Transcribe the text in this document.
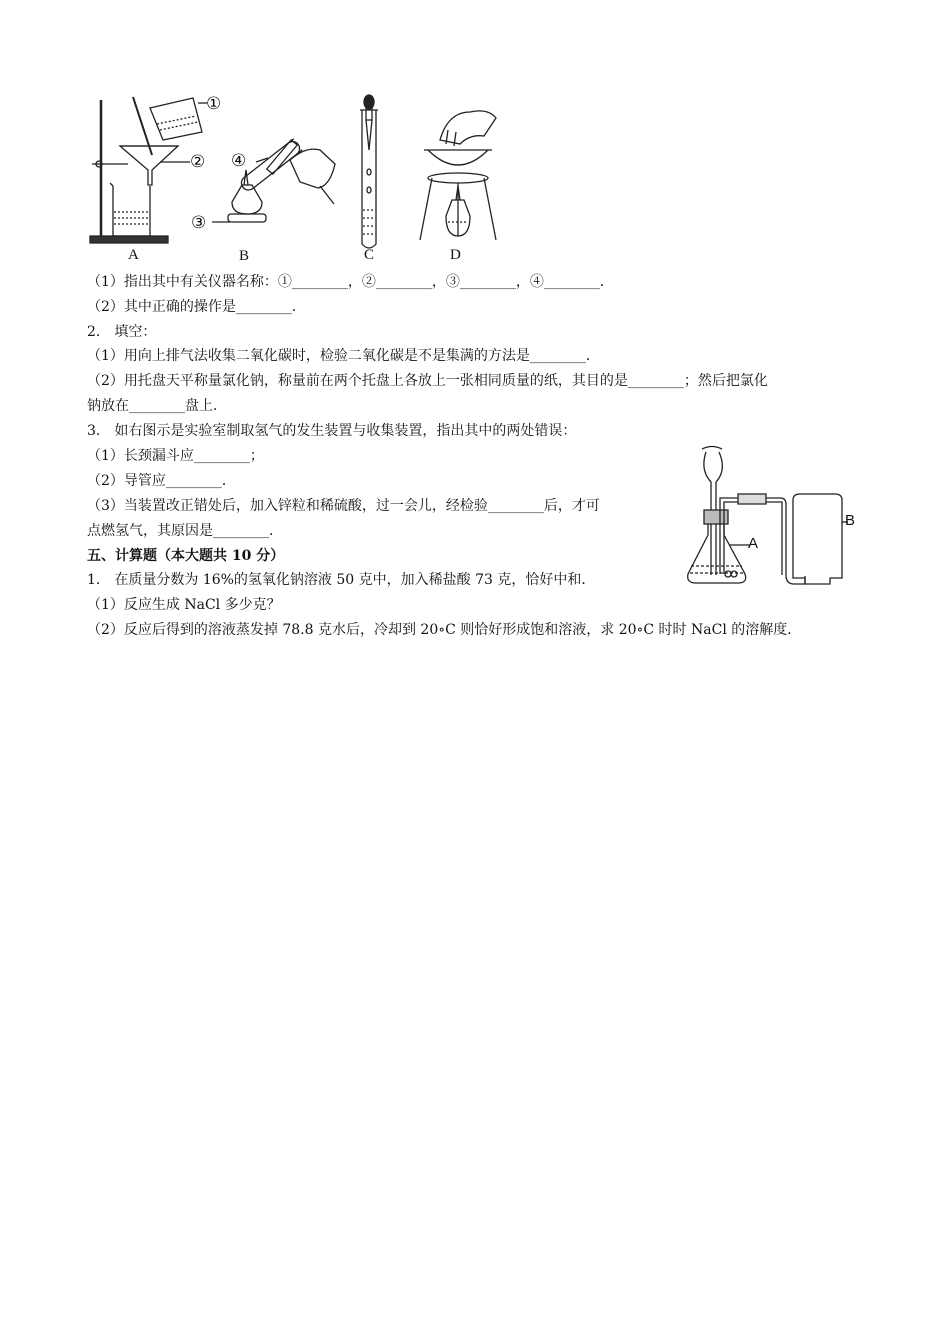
A	B	C	D
①
②
③
④
（1）指出其中有关仪器名称：①________，②________，③________，④________．
（2）其中正确的操作是________．
2.　填空：
（1）用向上排气法收集二氧化碳时，检验二氧化碳是不是集满的方法是________．
（2）用托盘天平称量氯化钠，称量前在两个托盘上各放上一张相同质量的纸，其目的是________；然后把氯化
钠放在________盘上．
3.　如右图示是实验室制取氢气的发生装置与收集装置，指出其中的两处错误：
（1）长颈漏斗应________；
（2）导管应________．
（3）当装置改正错处后，加入锌粒和稀硫酸，过一会儿，经检验________后，才可
点燃氢气，其原因是________．
A
B
五、计算题（本大题共 10 分）
1.　在质量分数为 16%的氢氧化钠溶液 50 克中，加入稀盐酸 73 克，恰好中和．
（1）反应生成 NaCl 多少克？
（2）反应后得到的溶液蒸发掉 78.8 克水后，冷却到 20∘C 则恰好形成饱和溶液，求 20∘C 时时 NaCl 的溶解度．
